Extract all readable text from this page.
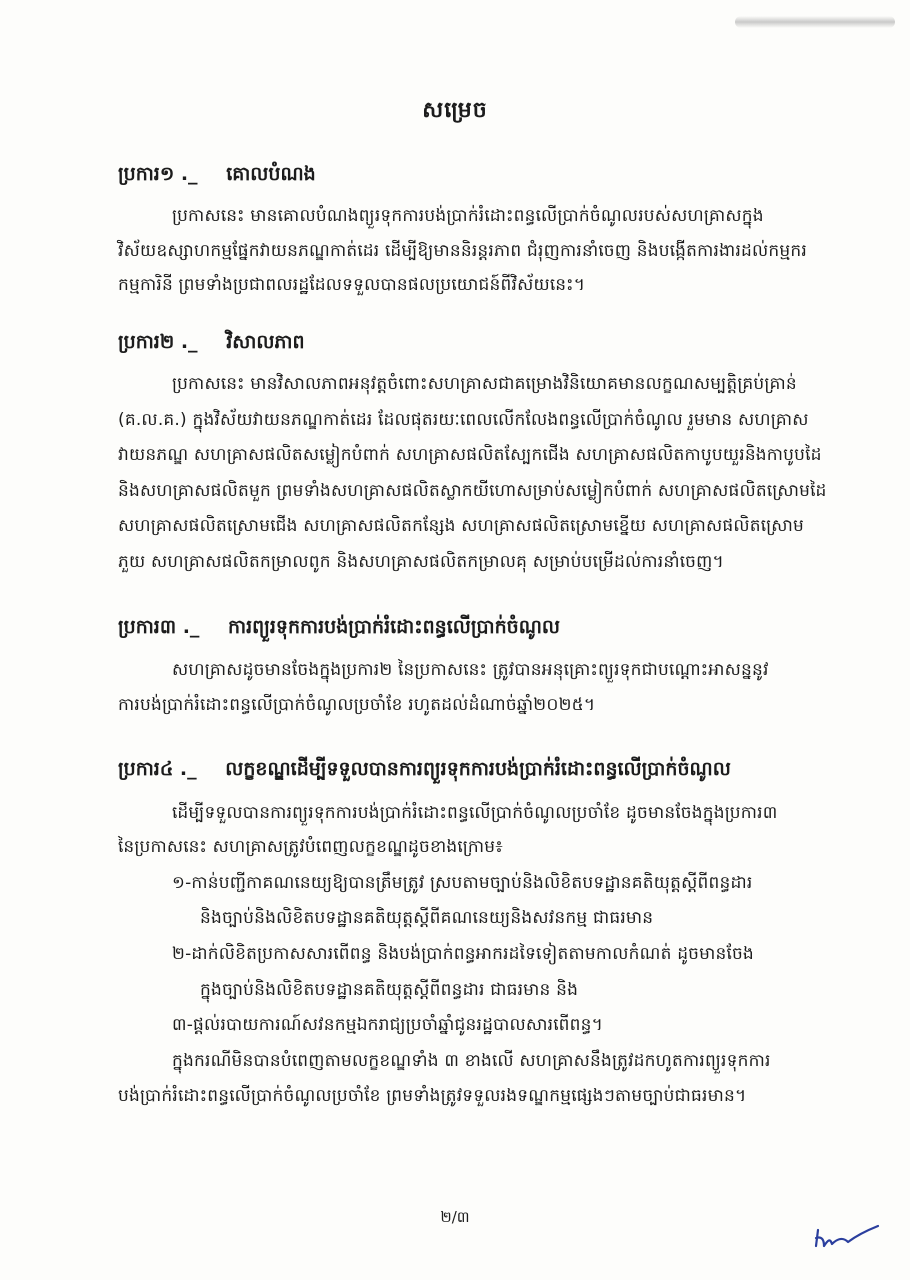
សម្រេច
ប្រការ១ ._ គោលបំណង
ប្រកាសនេះ មានគោលបំណងព្យួរទុកការបង់ប្រាក់រំដោះពន្ធលើប្រាក់ចំណូលរបស់សហគ្រាសក្នុង
វិស័យឧស្សាហកម្មផ្នែកវាយនភណ្ឌកាត់ដេរ ដើម្បីឱ្យមាននិរន្តរភាព ជំរុញការនាំចេញ និងបង្កើតការងារដល់កម្មករ
កម្មការិនី ព្រមទាំងប្រជាពលរដ្ឋដែលទទួលបានផលប្រយោជន៍ពីវិស័យនេះ។
ប្រការ២ ._ វិសាលភាព
ប្រកាសនេះ មានវិសាលភាពអនុវត្តចំពោះសហគ្រាសជាគម្រោងវិនិយោគមានលក្ខណសម្បត្តិគ្រប់គ្រាន់
(គ.ល.គ.) ក្នុងវិស័យវាយនភណ្ឌកាត់ដេរ ដែលផុតរយៈពេលលើកលែងពន្ធលើប្រាក់ចំណូល រួមមាន សហគ្រាស
វាយនភណ្ឌ សហគ្រាសផលិតសម្លៀកបំពាក់ សហគ្រាសផលិតស្បែកជើង សហគ្រាសផលិតកាបូបយួរនិងកាបូបដៃ
និងសហគ្រាសផលិតមួក ព្រមទាំងសហគ្រាសផលិតស្លាកយីហោសម្រាប់សម្លៀកបំពាក់ សហគ្រាសផលិតស្រោមដៃ
សហគ្រាសផលិតស្រោមជើង សហគ្រាសផលិតកន្សែង សហគ្រាសផលិតស្រោមខ្នើយ សហគ្រាសផលិតស្រោម
ភួយ សហគ្រាសផលិតកម្រាលពូក និងសហគ្រាសផលិតកម្រាលគុ សម្រាប់បម្រើដល់ការនាំចេញ។
ប្រការ៣ ._ ការព្យួរទុកការបង់ប្រាក់រំដោះពន្ធលើប្រាក់ចំណូល
សហគ្រាសដូចមានចែងក្នុងប្រការ២ នៃប្រកាសនេះ ត្រូវបានអនុគ្រោះព្យួរទុកជាបណ្ដោះអាសន្ននូវ
ការបង់ប្រាក់រំដោះពន្ធលើប្រាក់ចំណូលប្រចាំខែ រហូតដល់ដំណាច់ឆ្នាំ២០២៥។
ប្រការ៤ ._ លក្ខខណ្ឌដើម្បីទទួលបានការព្យួរទុកការបង់ប្រាក់រំដោះពន្ធលើប្រាក់ចំណូល
ដើម្បីទទួលបានការព្យួរទុកការបង់ប្រាក់រំដោះពន្ធលើប្រាក់ចំណូលប្រចាំខែ ដូចមានចែងក្នុងប្រការ៣
នៃប្រកាសនេះ សហគ្រាសត្រូវបំពេញលក្ខខណ្ឌដូចខាងក្រោម៖
១-កាន់បញ្ជីកាគណនេយ្យឱ្យបានត្រឹមត្រូវ ស្របតាមច្បាប់និងលិខិតបទដ្ឋានគតិយុត្តស្ដីពីពន្ធដារ
និងច្បាប់និងលិខិតបទដ្ឋានគតិយុត្តស្ដីពីគណនេយ្យនិងសវនកម្ម ជាធរមាន
២-ដាក់លិខិតប្រកាសសារពើពន្ធ និងបង់ប្រាក់ពន្ធអាករដទៃទៀតតាមកាលកំណត់ ដូចមានចែង
ក្នុងច្បាប់និងលិខិតបទដ្ឋានគតិយុត្តស្ដីពីពន្ធដារ ជាធរមាន និង
៣-ផ្ដល់របាយការណ៍សវនកម្មឯករាជ្យប្រចាំឆ្នាំជូនរដ្ឋបាលសារពើពន្ធ។
ក្នុងករណីមិនបានបំពេញតាមលក្ខខណ្ឌទាំង ៣ ខាងលើ សហគ្រាសនឹងត្រូវដកហូតការព្យួរទុកការ
បង់ប្រាក់រំដោះពន្ធលើប្រាក់ចំណូលប្រចាំខែ ព្រមទាំងត្រូវទទួលរងទណ្ឌកម្មផ្សេងៗតាមច្បាប់ជាធរមាន។
២/៣
